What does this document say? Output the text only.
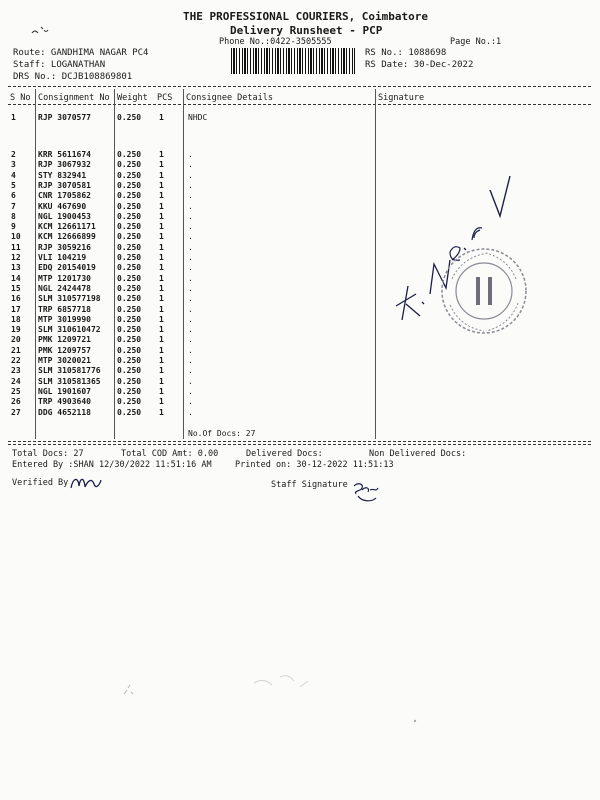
THE PROFESSIONAL COURIERS, Coimbatore
Delivery Runsheet - PCP
Phone No.:0422-3505555	Page No.:1
Route: GANDHIMA NAGAR PC4
Staff: LOGANATHAN
DRS No.: DCJB108869801
RS No.: 1088698
RS Date: 30-Dec-2022
S No Consignment No Weight PCS Consignee Details	Signature
1	RJP 3070577	0.250 1	NHDC
2	KRR 5611674	0.250 1	.
3	RJP 3067932	0.250 1	.
4	STY 832941	0.250 1	.
5	RJP 3070581	0.250 1	.
6	CNR 1705862	0.250 1	.
7	KKU 467690	0.250 1	.
8	NGL 1900453	0.250 1	.
9	KCM 12661171	0.250 1	.
10 KCM 12666899	0.250 1	.
11 RJP 3059216	0.250 1	.
12 VLI 104219	0.250 1	.
13 EDQ 20154019	0.250 1	.
14 MTP 1201730	0.250 1	.
15 NGL 2424478	0.250 1	.
16 SLM 310577198 0.250 1	.
17 TRP 6857718	0.250 1	.
18 MTP 3019990	0.250 1	.
19 SLM 310610472 0.250 1	.
20 PMK 1209721	0.250 1	.
21 PMK 1209757	0.250 1	.
22 MTP 3020021	0.250 1	.
23 SLM 310581776 0.250 1	.
24 SLM 310581365 0.250 1	.
25 NGL 1901607	0.250 1	.
26 TRP 4903640	0.250 1	.
27 DDG 4652118	0.250 1	.
No.Of Docs: 27
Total Docs: 27	Total COD Amt: 0.00	Delivered Docs:	Non Delivered Docs:
Entered By :SHAN 12/30/2022 11:51:16 AM	Printed on: 30-12-2022 11:51:13
Verified By	Staff Signature
